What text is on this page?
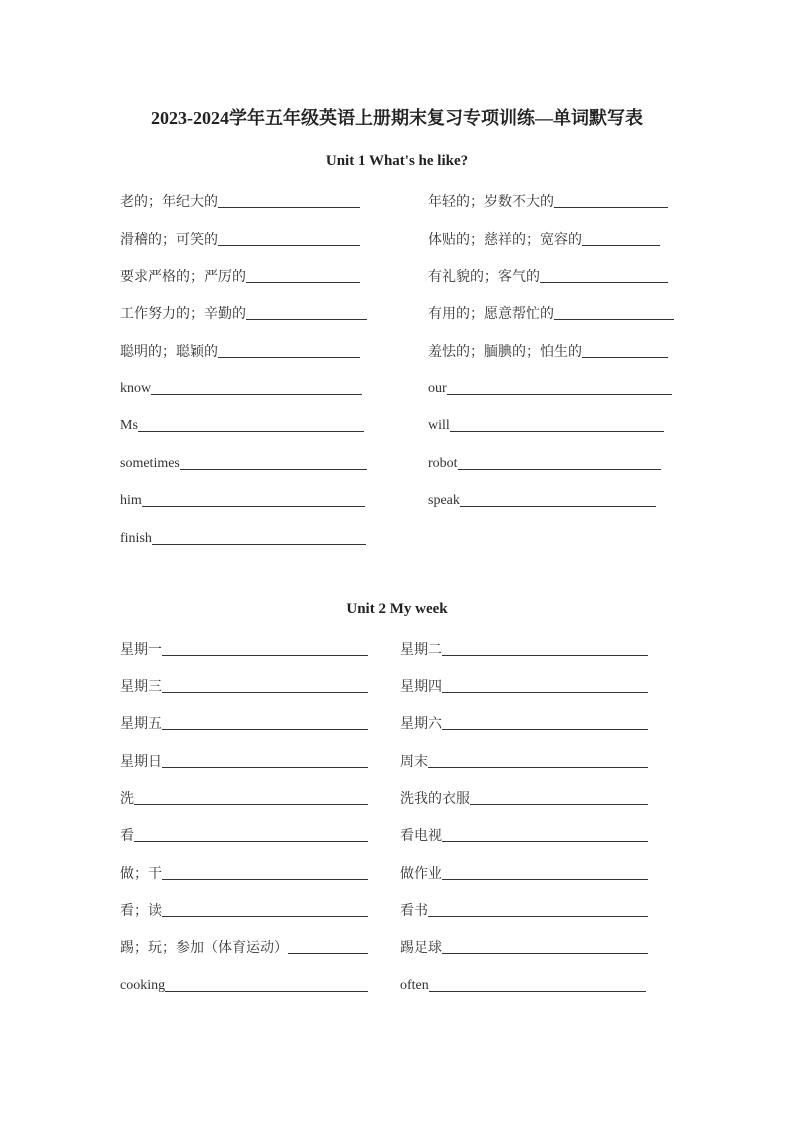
2023-2024学年五年级英语上册期末复习专项训练—单词默写表
Unit 1 What's he like?
老的；年纪大的
滑稽的；可笑的
要求严格的；严厉的
工作努力的；辛勤的
聪明的；聪颖的
know
Ms
sometimes
him
finish
年轻的；岁数不大的
体贴的；慈祥的；宽容的
有礼貌的；客气的
有用的；愿意帮忙的
羞怯的；腼腆的；怕生的
our
will
robot
speak
Unit 2 My week
星期一
星期三
星期五
星期日
洗
看
做；干
看；读
踢；玩；参加（体育运动）
cooking
星期二
星期四
星期六
周末
洗我的衣服
看电视
做作业
看书
踢足球
often
